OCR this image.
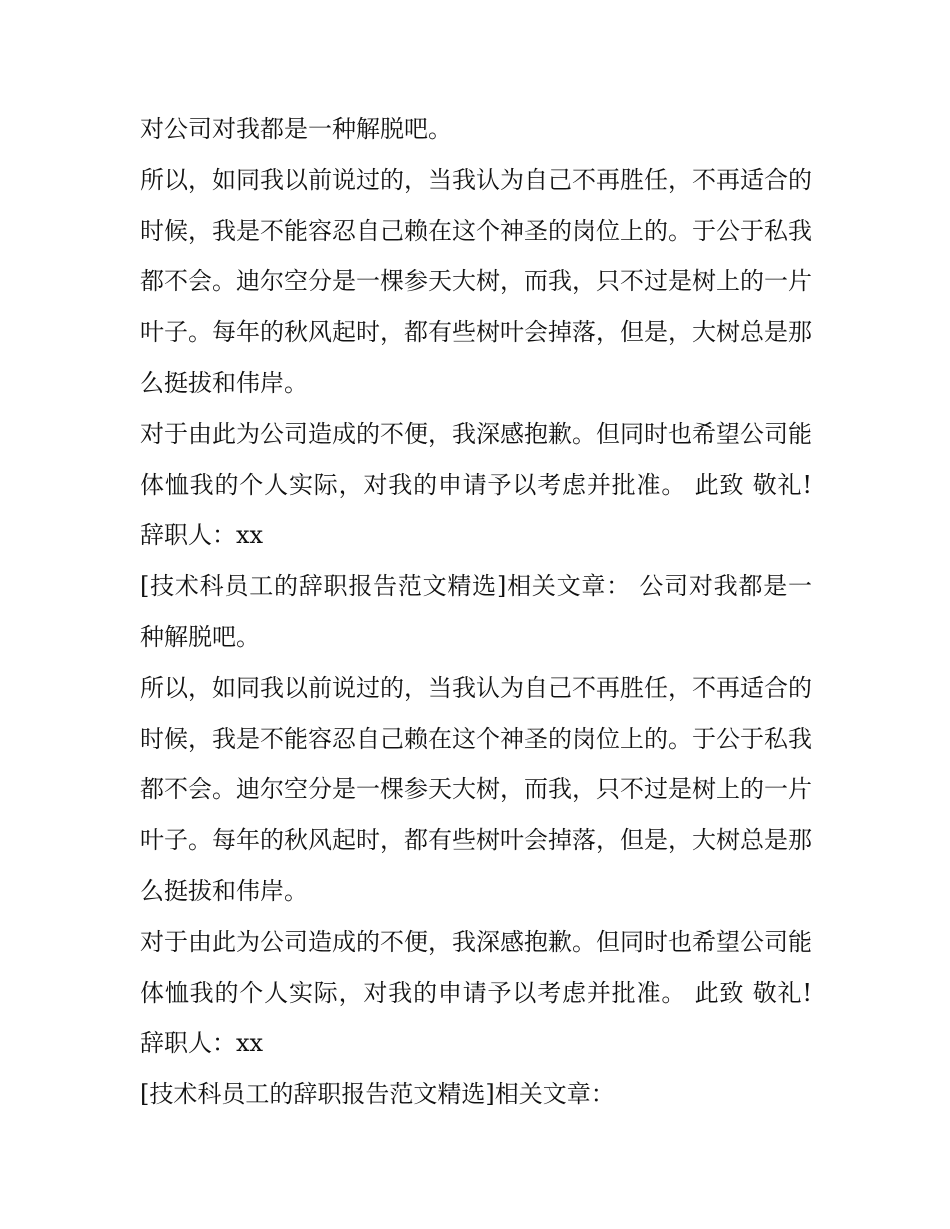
对公司对我都是一种解脱吧。

所以，如同我以前说过的，当我认为自己不再胜任，不再适合的时候，我是不能容忍自己赖在这个神圣的岗位上的。于公于私我都不会。迪尔空分是一棵参天大树，而我，只不过是树上的一片叶子。每年的秋风起时，都有些树叶会掉落，但是，大树总是那么挺拔和伟岸。

对于由此为公司造成的不便，我深感抱歉。但同时也希望公司能体恤我的个人实际，对我的申请予以考虑并批准。 此致 敬礼! 辞职人：xx

[技术科员工的辞职报告范文精选]相关文章： 公司对我都是一种解脱吧。

所以，如同我以前说过的，当我认为自己不再胜任，不再适合的时候，我是不能容忍自己赖在这个神圣的岗位上的。于公于私我都不会。迪尔空分是一棵参天大树，而我，只不过是树上的一片叶子。每年的秋风起时，都有些树叶会掉落，但是，大树总是那么挺拔和伟岸。

对于由此为公司造成的不便，我深感抱歉。但同时也希望公司能体恤我的个人实际，对我的申请予以考虑并批准。 此致 敬礼! 辞职人：xx

[技术科员工的辞职报告范文精选]相关文章：
